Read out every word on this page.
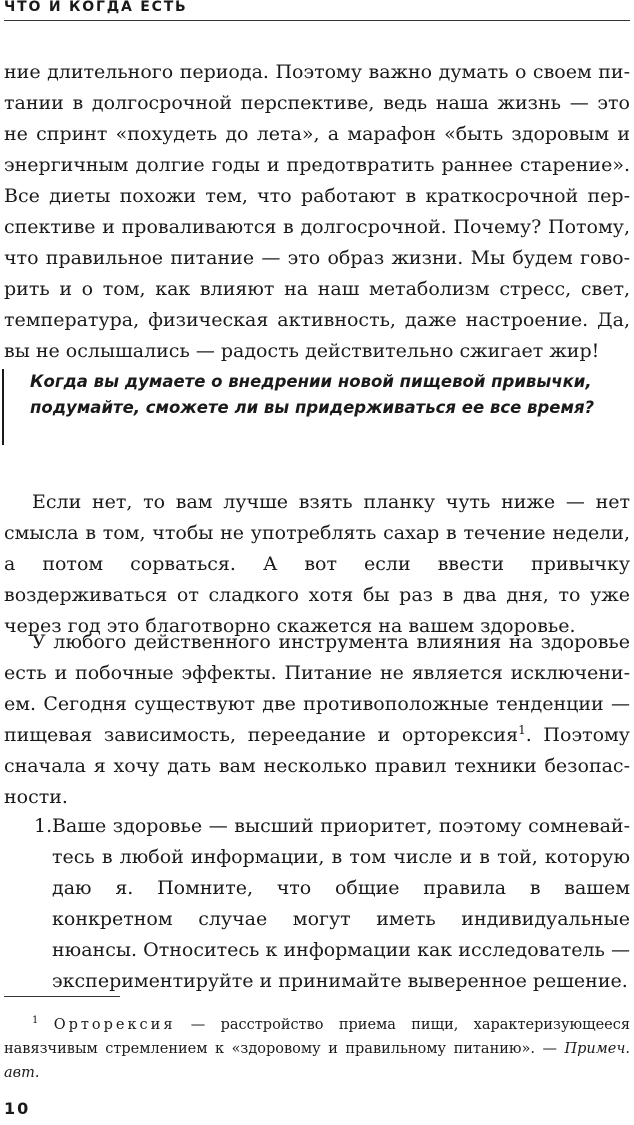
ЧТО И КОГДА ЕСТЬ

ние длительного периода. Поэтому важно думать о своем питании в долгосрочной перспективе, ведь наша жизнь — это не спринт «похудеть до лета», а марафон «быть здоровым и энергичным долгие годы и предотвратить раннее старение». Все диеты похожи тем, что работают в краткосрочной перспективе и проваливаются в долгосрочной. Почему? Потому, что правильное питание — это образ жизни. Мы будем говорить и о том, как влияют на наш метаболизм стресс, свет, температура, физическая активность, даже настроение. Да, вы не ослышались — радость действительно сжигает жир!

Когда вы думаете о внедрении новой пищевой привычки, подумайте, сможете ли вы придерживаться ее все время?

Если нет, то вам лучше взять планку чуть ниже — нет смысла в том, чтобы не употреблять сахар в течение недели, а потом сорваться. А вот если ввести привычку воздерживаться от сладкого хотя бы раз в два дня, то уже через год это благотворно скажется на вашем здоровье.

У любого действенного инструмента влияния на здоровье есть и побочные эффекты. Питание не является исключением. Сегодня существуют две противоположные тенденции — пищевая зависимость, переедание и орторексия$^1$. Поэтому сначала я хочу дать вам несколько правил техники безопасности.

1. Ваше здоровье — высший приоритет, поэтому сомневайтесь в любой информации, в том числе и в той, которую даю я. Помните, что общие правила в вашем конкретном случае могут иметь индивидуальные нюансы. Относитесь к информации как исследователь — экспериментируйте и принимайте выверенное решение.
$^1$ Орторексия — расстройство приема пищи, характеризующееся навязчивым стремлением к «здоровому и правильному питанию». — Примеч. авт.
10
